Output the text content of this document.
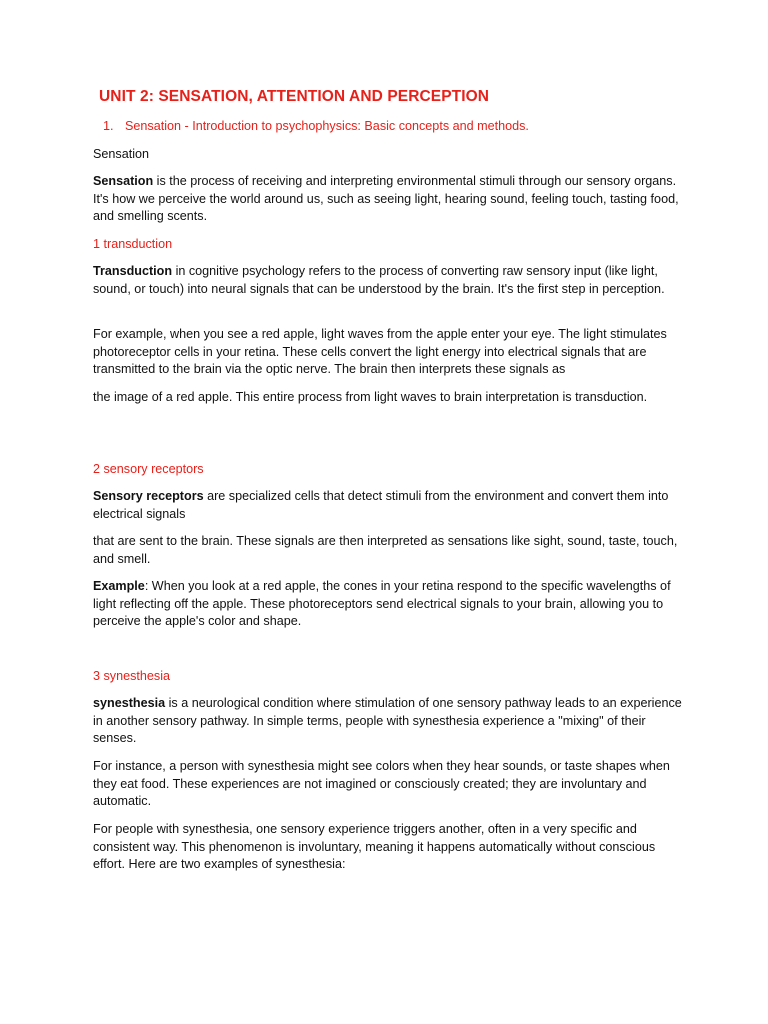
UNIT 2: SENSATION, ATTENTION AND PERCEPTION

1. Sensation - Introduction to psychophysics: Basic concepts and methods.

Sensation

Sensation is the process of receiving and interpreting environmental stimuli through our sensory organs. It's how we perceive the world around us, such as seeing light, hearing sound, feeling touch, tasting food, and smelling scents.

1 transduction

Transduction in cognitive psychology refers to the process of converting raw sensory input (like light, sound, or touch) into neural signals that can be understood by the brain. It's the first step in perception.

For example, when you see a red apple, light waves from the apple enter your eye. The light stimulates photoreceptor cells in your retina. These cells convert the light energy into electrical signals that are transmitted to the brain via the optic nerve. The brain then interprets these signals as

the image of a red apple. This entire process from light waves to brain interpretation is transduction.

2 sensory receptors

Sensory receptors are specialized cells that detect stimuli from the environment and convert them into electrical signals

that are sent to the brain. These signals are then interpreted as sensations like sight, sound, taste, touch, and smell.

Example: When you look at a red apple, the cones in your retina respond to the specific wavelengths of light reflecting off the apple. These photoreceptors send electrical signals to your brain, allowing you to perceive the apple's color and shape.

3 synesthesia

synesthesia is a neurological condition where stimulation of one sensory pathway leads to an experience in another sensory pathway. In simple terms, people with synesthesia experience a "mixing" of their senses.

For instance, a person with synesthesia might see colors when they hear sounds, or taste shapes when they eat food. These experiences are not imagined or consciously created; they are involuntary and automatic.

For people with synesthesia, one sensory experience triggers another, often in a very specific and consistent way. This phenomenon is involuntary, meaning it happens automatically without conscious effort. Here are two examples of synesthesia:
